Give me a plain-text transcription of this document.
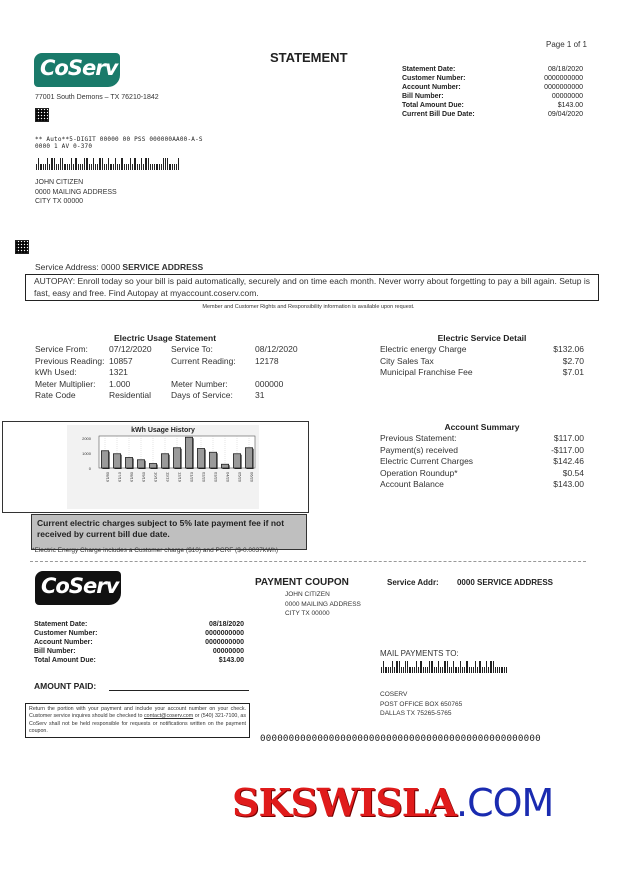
Page 1 of 1
CoServ	STATEMENT
77001 South Demons – TX 76210-1842
Statement Date:	08/18/2020
Customer Number:	0000000000
Account Number:	0000000000
Bill Number:	00000000
Total Amount Due:	$143.00
Current Bill Due Date:	09/04/2020
** Auto**5-DIGIT 00000 00 PSS 000000AA00-A-S
0000 1 AV 0-370
JOHN CITIZEN
0000 MAILING ADDRESS
CITY TX 00000
Service Address: 0000 SERVICE ADDRESS
AUTOPAY: Enroll today so your bill is paid automatically, securely and on time each month. Never worry about forgetting to pay a bill again. Setup is fast, easy and free. Find Autopay at myaccount.coserv.com.
Member and Customer Rights and Responsibility information is available upon request.
Electric Usage Statement
Service From:	07/12/2020	Service To:	08/12/2020
Previous Reading: 10857	Current Reading:	12178
kWh Used:	1321
Meter Multiplier:	1.000	Meter Number:	000000
Rate Code	Residential	Days of Service:	31
Electric Service Detail
Electric energy Charge	$132.06
City Sales Tax	$2.70
Municipal Franchise Fee	$7.01
kWh Usage History
2000
1000
0
08/19 07/19 08/19 09/19 10/19 11/19 12/19 01/20 02/20 03/20 04/20 05/20 06/20
Account Summary
Previous Statement:	$117.00
Payment(s) received	-$117.00
Electric Current Charges	$142.46
Operation Roundup*	$0.54
Account Balance	$143.00
Current electric charges subject to 5% late payment fee if not received by current bill due date.
*Electric Energy Charge includes a Customer charge ($10) and PCRF ($-0.0037kWh)
CoServ	PAYMENT COUPON
JOHN CITIZEN
0000 MAILING ADDRESS
CITY TX 00000
Service Addr: 0000 SERVICE ADDRESS
Statement Date:	08/18/2020
Customer Number:	0000000000
Account Number:	0000000000
Bill Number:	00000000
Total Amount Due:	$143.00
AMOUNT PAID:
MAIL PAYMENTS TO:
COSERV
POST OFFICE BOX 650765
DALLAS TX 75265-5765
Return the portion with your payment and include your account number on your check. Customer service inquires should be checked to contact@coserv.com or (540) 321-7100, as CoServ shall not be held responsible for requests or notifications written on the payment coupon.
0000000000000000000000000000000000000000000000000
SKSWISLA.COM
